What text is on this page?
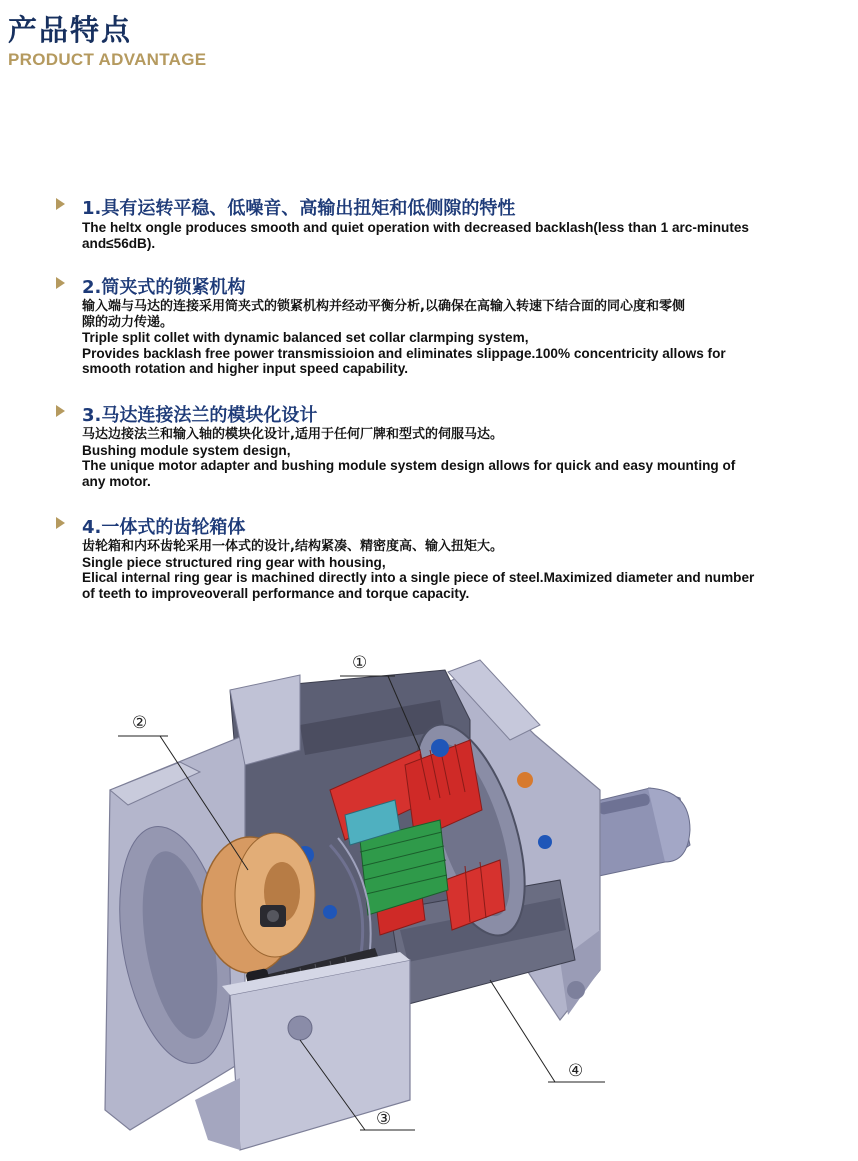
产品特点
PRODUCT ADVANTAGE
1.具有运转平稳、低噪音、高输出扭矩和低侧隙的特性
The heltx ongle produces smooth and quiet operation with decreased backlash(less than 1 arc-minutes
and≤56dB).
2.筒夹式的锁紧机构
输入端与马达的连接采用筒夹式的锁紧机构并经动平衡分析,以确保在高输入转速下结合面的同心度和零侧
隙的动力传递。
Triple split collet with dynamic balanced set collar clarmping system,
Provides backlash free power transmissioion and eliminates slippage.100% concentricity allows for
smooth rotation and higher input speed capability.
3.马达连接法兰的模块化设计
马达边接法兰和输入轴的模块化设计,适用于任何厂牌和型式的伺服马达。
Bushing module system design,
The unique motor adapter and bushing module system design allows for quick and easy mounting of
any motor.
4.一体式的齿轮箱体
齿轮箱和内环齿轮采用一体式的设计,结构紧凑、精密度高、输入扭矩大。
Single piece structured ring gear with housing,
Elical internal ring gear is machined directly into a single piece of steel.Maximized diameter and number
of teeth to improveoverall performance and torque capacity.
①
②
③
④
